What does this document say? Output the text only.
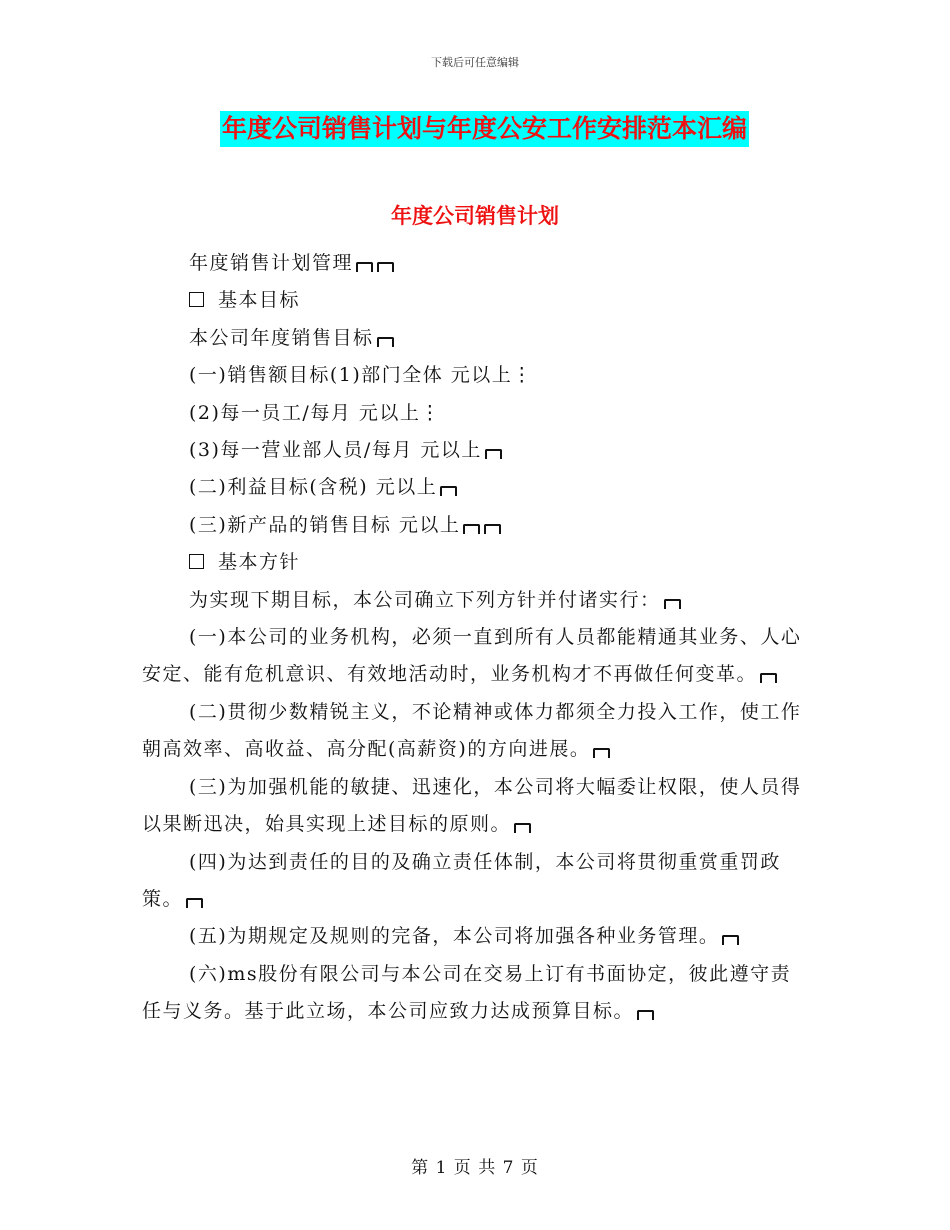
下载后可任意编辑
年度公司销售计划与年度公安工作安排范本汇编
年度公司销售计划

年度销售计划管理

基本目标

本公司年度销售目标

(一)销售额目标(1)部门全体 元以上⋮

(2)每一员工/每月 元以上⋮

(3)每一营业部人员/每月 元以上

(二)利益目标(含税) 元以上

(三)新产品的销售目标 元以上

基本方针

为实现下期目标，本公司确立下列方针并付诸实行：

(一)本公司的业务机构，必须一直到所有人员都能精通其业务、人心安定、能有危机意识、有效地活动时，业务机构才不再做任何变革。

(二)贯彻少数精锐主义，不论精神或体力都须全力投入工作，使工作朝高效率、高收益、高分配(高薪资)的方向进展。

(三)为加强机能的敏捷、迅速化，本公司将大幅委让权限，使人员得以果断迅决，始具实现上述目标的原则。

(四)为达到责任的目的及确立责任体制，本公司将贯彻重赏重罚政策。

(五)为期规定及规则的完备，本公司将加强各种业务管理。

(六)ms股份有限公司与本公司在交易上订有书面协定，彼此遵守责任与义务。基于此立场，本公司应致力达成预算目标。

第 1 页 共 7 页
